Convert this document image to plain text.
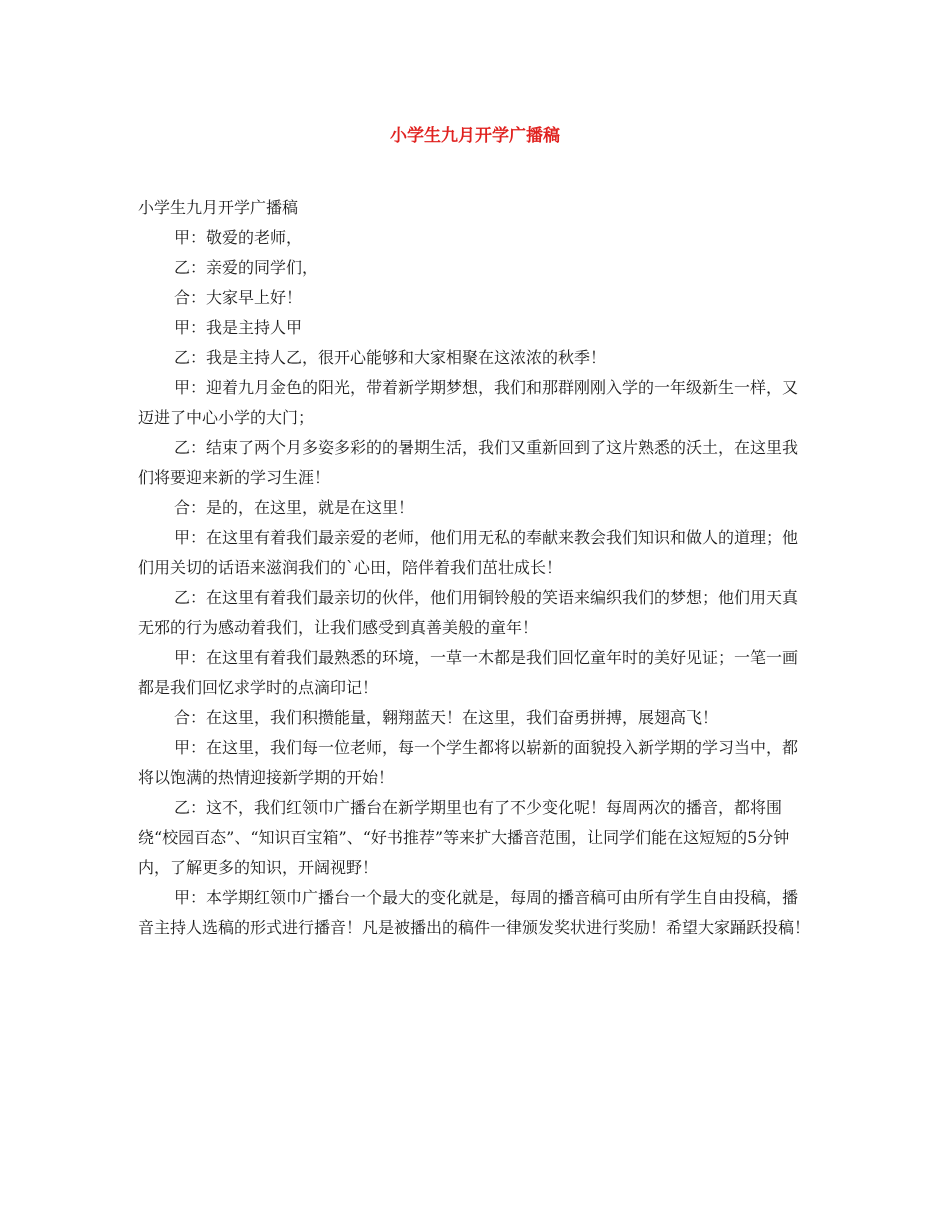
小学生九月开学广播稿

小学生九月开学广播稿

甲：敬爱的老师，

乙：亲爱的同学们，

合：大家早上好！

甲：我是主持人甲

乙：我是主持人乙，很开心能够和大家相聚在这浓浓的秋季！

甲：迎着九月金色的阳光，带着新学期梦想，我们和那群刚刚入学的一年级新生一样，又迈进了中心小学的大门；

乙：结束了两个月多姿多彩的的暑期生活，我们又重新回到了这片熟悉的沃土，在这里我们将要迎来新的学习生涯！

合：是的，在这里，就是在这里！

甲：在这里有着我们最亲爱的老师，他们用无私的奉献来教会我们知识和做人的道理；他们用关切的话语来滋润我们的`心田，陪伴着我们茁壮成长！

乙：在这里有着我们最亲切的伙伴，他们用铜铃般的笑语来编织我们的梦想；他们用天真无邪的行为感动着我们，让我们感受到真善美般的童年！

甲：在这里有着我们最熟悉的环境，一草一木都是我们回忆童年时的美好见证；一笔一画都是我们回忆求学时的点滴印记！

合：在这里，我们积攒能量，翱翔蓝天！在这里，我们奋勇拼搏，展翅高飞！

甲：在这里，我们每一位老师，每一个学生都将以崭新的面貌投入新学期的学习当中，都将以饱满的热情迎接新学期的开始！

乙：这不，我们红领巾广播台在新学期里也有了不少变化呢！每周两次的播音，都将围绕“校园百态”、“知识百宝箱”、“好书推荐”等来扩大播音范围，让同学们能在这短短的5分钟内，了解更多的知识，开阔视野！

甲：本学期红领巾广播台一个最大的变化就是，每周的播音稿可由所有学生自由投稿，播音主持人选稿的形式进行播音！凡是被播出的稿件一律颁发奖状进行奖励！希望大家踊跃投稿！
